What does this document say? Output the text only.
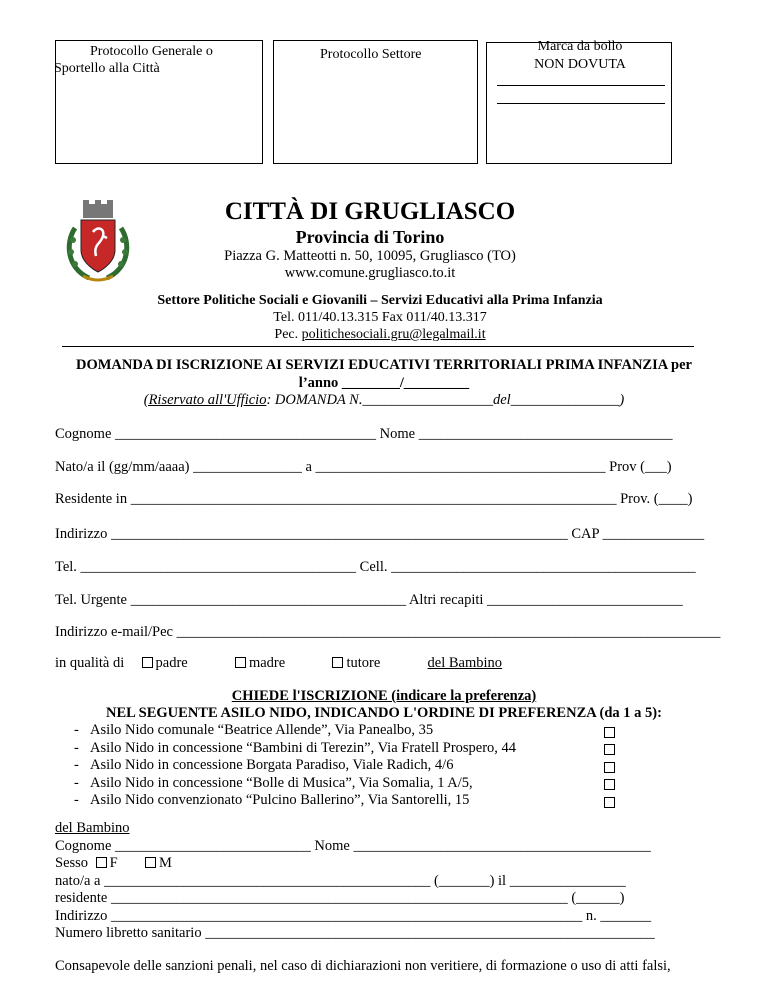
Protocollo Generale o
Sportello alla Città
Protocollo Settore
Marca da bollo
NON DOVUTA
CITTÀ DI GRUGLIASCO
Provincia di Torino
Piazza G. Matteotti n. 50, 10095, Grugliasco (TO)
www.comune.grugliasco.to.it
Settore Politiche Sociali e Giovanili – Servizi Educativi alla Prima Infanzia
Tel. 011/40.13.315 Fax 011/40.13.317
Pec. politichesociali.gru@legalmail.it
DOMANDA DI ISCRIZIONE AI SERVIZI EDUCATIVI TERRITORIALI PRIMA INFANZIA per
l’anno ________/_________
(Riservato all'Ufficio: DOMANDA N.__________________del_______________)
Cognome ____________________________________ Nome ___________________________________
Nato/a il (gg/mm/aaaa) _______________ a ________________________________________ Prov (___)
Residente in ___________________________________________________________________ Prov. (____)
Indirizzo _______________________________________________________________ CAP ______________
Tel. ______________________________________ Cell. __________________________________________
Tel. Urgente ______________________________________ Altri recapiti ___________________________
Indirizzo e-mail/Pec ___________________________________________________________________________
in qualità di padre	madre	tutore	del Bambino
CHIEDE l'ISCRIZIONE (indicare la preferenza)
NEL SEGUENTE ASILO NIDO, INDICANDO L'ORDINE DI PREFERENZA (da 1 a 5):
- Asilo Nido comunale “Beatrice Allende”, Via Panealbo, 35
- Asilo Nido in concessione “Bambini di Terezin”, Via Fratell Prospero, 44
- Asilo Nido in concessione Borgata Paradiso, Viale Radich, 4/6
- Asilo Nido in concessione “Bolle di Musica”, Via Somalia, 1 A/5,
- Asilo Nido convenzionato “Pulcino Ballerino”, Via Santorelli, 15
del Bambino
Cognome ___________________________ Nome _________________________________________
Sesso F	M
nato/a a _____________________________________________ (_______) il ________________
residente _______________________________________________________________ (______)
Indirizzo _________________________________________________________________ n. _______
Numero libretto sanitario ______________________________________________________________
Consapevole delle sanzioni penali, nel caso di dichiarazioni non veritiere, di formazione o uso di atti falsi,
